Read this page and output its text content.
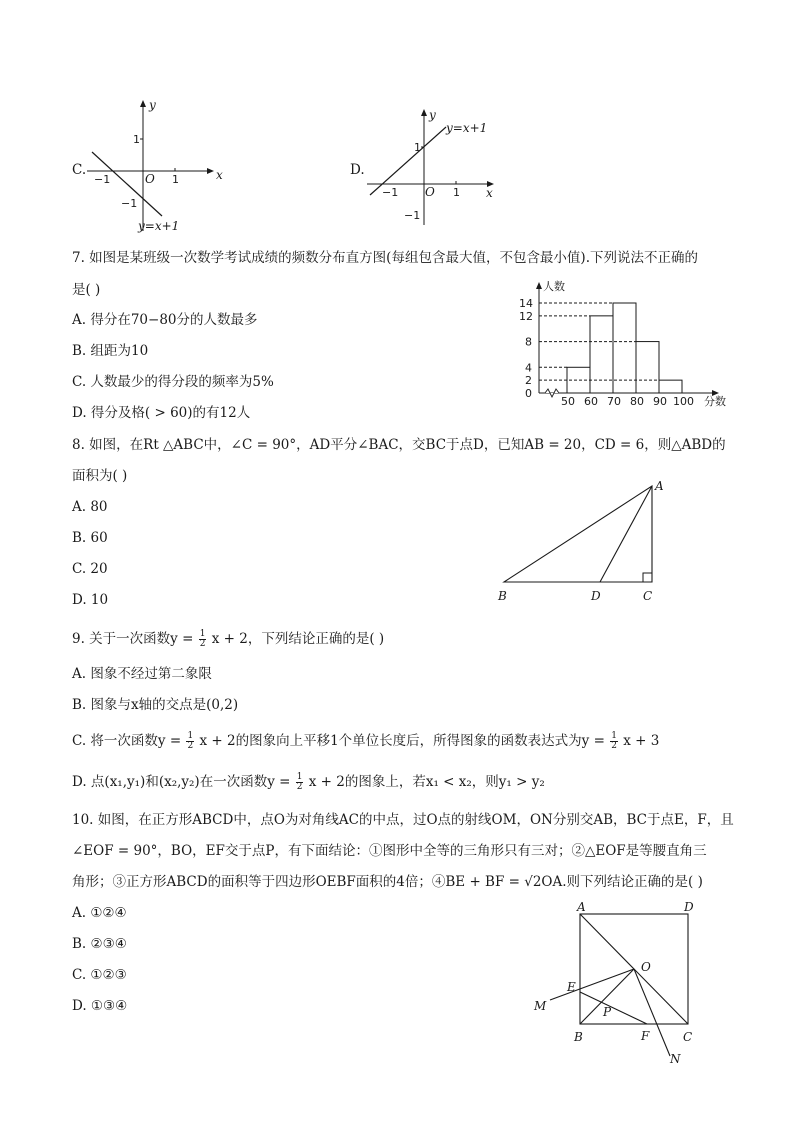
C.	x
y
O
−1	1
1
−1
y=x+1
D.
x
y
O
−1	1
1
−1
y=x+1
7. 如图是某班级一次数学考试成绩的频数分布直方图(每组包含最大值，不包含最小值).下列说法不正确的
是( )
A. 得分在70−80分的人数最多
B. 组距为10
C. 人数最少的得分段的频率为5%
D. 得分及格( > 60)的有12人
人数
分数
0
2
4
8
12
14
50 60 70 80 90 100
8. 如图，在Rt △ABC中，∠C = 90°，AD平分∠BAC，交BC于点D，已知AB = 20，CD = 6，则△ABD的
面积为( )
A. 80
B. 60
C. 20
D. 10
A
B	D	C
9. 关于一次函数$y = \frac{1}{2}$ x + 2，下列结论正确的是( )
A. 图象不经过第二象限
B. 图象与x轴的交点是(0,2)
C. 将一次函数$y = \frac{1}{2}$ x + 2的图象向上平移1个单位长度后，所得图象的函数表达式为$y = \frac{1}{2}$ x + 3
D. 点(x₁,y₁)和(x₂,y₂)在一次函数$y = \frac{1}{2}$ x + 2的图象上，若x₁ < x₂，则y₁ > y₂
10. 如图，在正方形ABCD中，点O为对角线AC的中点，过O点的射线OM，ON分别交AB，BC于点E，F，且
∠EOF = 90°，BO，EF交于点P，有下面结论：①图形中全等的三角形只有三对；②△EOF是等腰直角三
角形；③正方形ABCD的面积等于四边形OEBF面积的4倍；④BE + BF = √2OA.则下列结论正确的是( )
A. ①②④
B. ②③④
C. ①②③
D. ①③④
A	D
B	C
O
E
F
P
M
N
